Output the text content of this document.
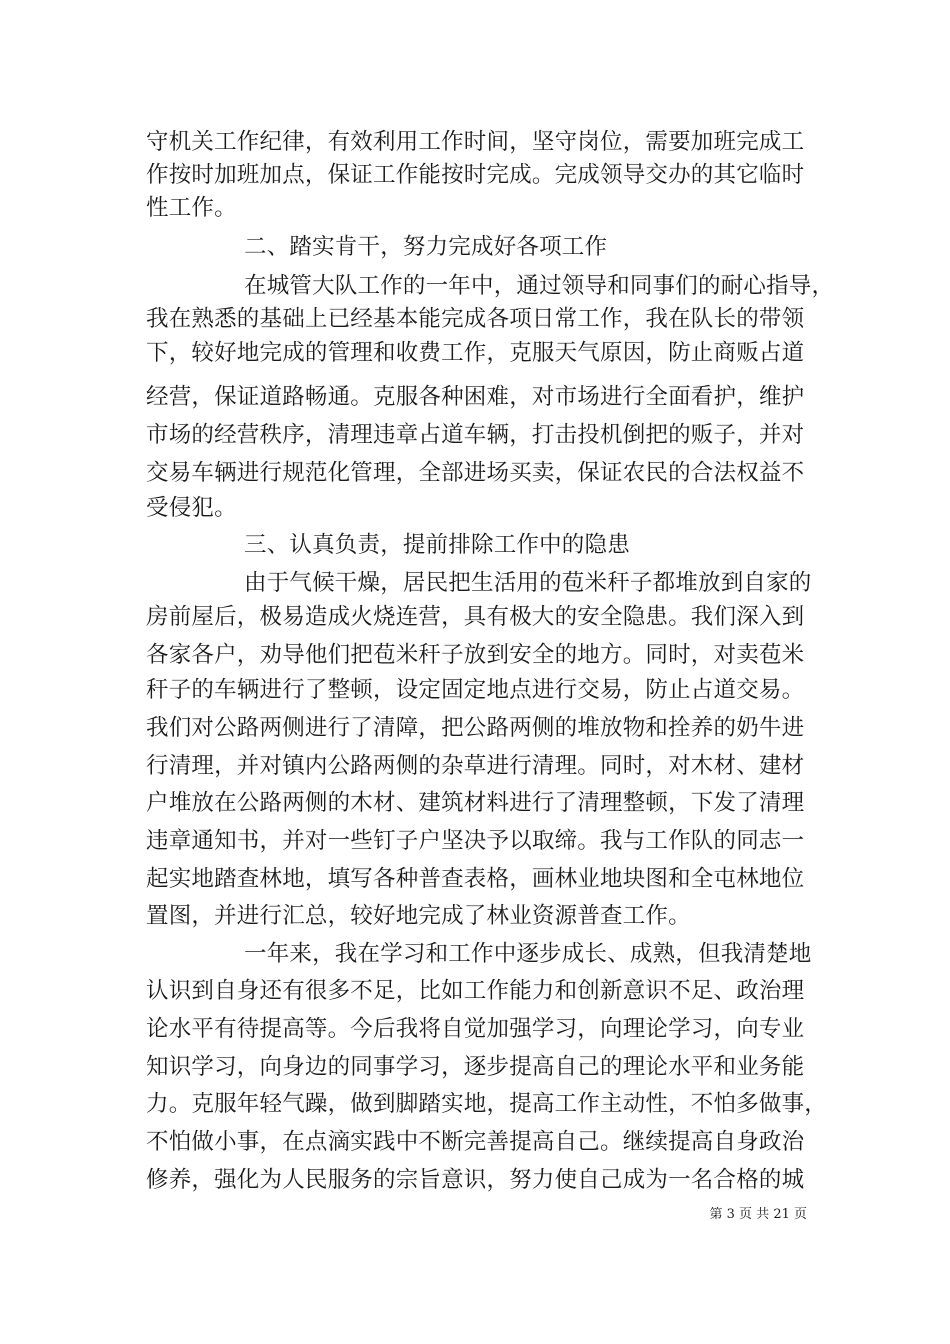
守机关工作纪律，有效利用工作时间，坚守岗位，需要加班完成工
作按时加班加点，保证工作能按时完成。完成领导交办的其它临时
性工作。
二、踏实肯干，努力完成好各项工作
在城管大队工作的一年中，通过领导和同事们的耐心指导，
我在熟悉的基础上已经基本能完成各项日常工作，我在队长的带领
下，较好地完成的管理和收费工作，克服天气原因，防止商贩占道
经营，保证道路畅通。克服各种困难，对市场进行全面看护，维护
市场的经营秩序，清理违章占道车辆，打击投机倒把的贩子，并对
交易车辆进行规范化管理，全部进场买卖，保证农民的合法权益不
受侵犯。
三、认真负责，提前排除工作中的隐患
由于气候干燥，居民把生活用的苞米秆子都堆放到自家的
房前屋后，极易造成火烧连营，具有极大的安全隐患。我们深入到
各家各户，劝导他们把苞米秆子放到安全的地方。同时，对卖苞米
秆子的车辆进行了整顿，设定固定地点进行交易，防止占道交易。
我们对公路两侧进行了清障，把公路两侧的堆放物和拴养的奶牛进
行清理，并对镇内公路两侧的杂草进行清理。同时，对木材、建材
户堆放在公路两侧的木材、建筑材料进行了清理整顿，下发了清理
违章通知书，并对一些钉子户坚决予以取缔。我与工作队的同志一
起实地踏查林地，填写各种普查表格，画林业地块图和全屯林地位
置图，并进行汇总，较好地完成了林业资源普查工作。
一年来，我在学习和工作中逐步成长、成熟，但我清楚地
认识到自身还有很多不足，比如工作能力和创新意识不足、政治理
论水平有待提高等。今后我将自觉加强学习，向理论学习，向专业
知识学习，向身边的同事学习，逐步提高自己的理论水平和业务能
力。克服年轻气躁，做到脚踏实地，提高工作主动性，不怕多做事，
不怕做小事，在点滴实践中不断完善提高自己。继续提高自身政治
修养，强化为人民服务的宗旨意识，努力使自己成为一名合格的城
第 3 页 共 21 页
